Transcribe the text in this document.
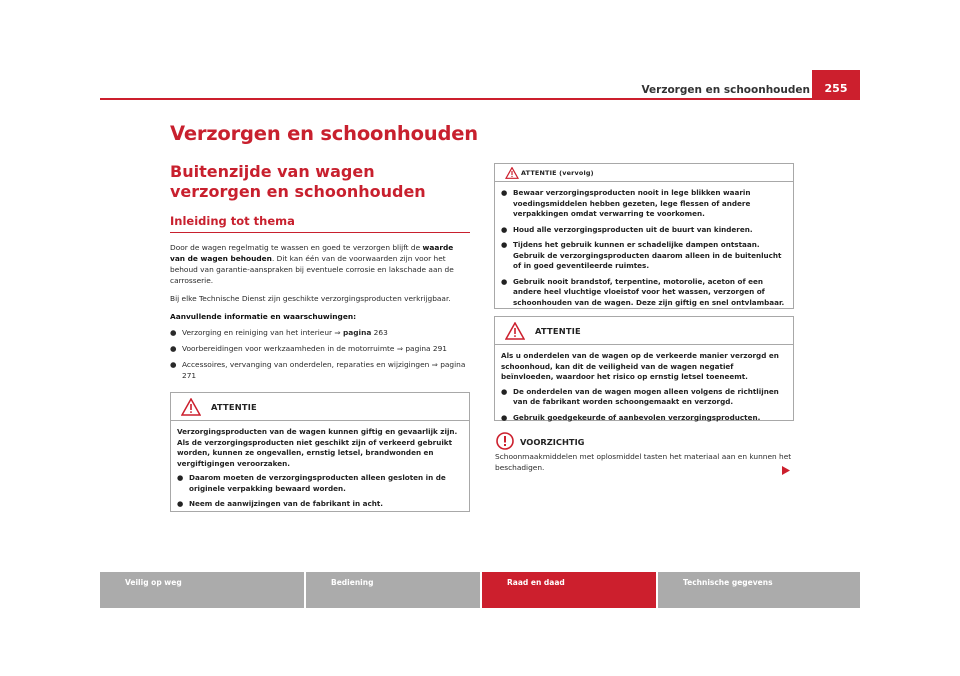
Verzorgen en schoonhouden	255
Verzorgen en schoonhouden
Buitenzijde van wagen verzorgen en schoonhouden
Inleiding tot thema

Door de wagen regelmatig te wassen en goed te verzorgen blijft de waarde van de wagen behouden. Dit kan één van de voorwaarden zijn voor het behoud van garantie-aanspraken bij eventuele corrosie en lakschade aan de carrosserie.

Bij elke Technische Dienst zijn geschikte verzorgingsproducten verkrijgbaar.

Aanvullende informatie en waarschuwingen:

● Verzorging en reiniging van het interieur ⇒ pagina 263
● Voorbereidingen voor werkzaamheden in de motorruimte ⇒ pagina 291
● Accessoires, vervanging van onderdelen, reparaties en wijzigingen ⇒ pagina 271
ATTENTIE

Verzorgingsproducten van de wagen kunnen giftig en gevaarlijk zijn. Als de verzorgingsproducten niet geschikt zijn of verkeerd gebruikt worden, kunnen ze ongevallen, ernstig letsel, brandwonden en vergiftigingen veroorzaken.

● Daarom moeten de verzorgingsproducten alleen gesloten in de originele verpakking bewaard worden.
● Neem de aanwijzingen van de fabrikant in acht.
ATTENTIE (vervolg)
● Bewaar verzorgingsproducten nooit in lege blikken waarin voedingsmiddelen hebben gezeten, lege flessen of andere verpakkingen omdat verwarring te voorkomen.
● Houd alle verzorgingsproducten uit de buurt van kinderen.
● Tijdens het gebruik kunnen er schadelijke dampen ontstaan. Gebruik de verzorgingsproducten daarom alleen in de buitenlucht of in goed geventileerde ruimtes.
● Gebruik nooit brandstof, terpentine, motorolie, aceton of een andere heel vluchtige vloeistof voor het wassen, verzorgen of schoonhouden van de wagen. Deze zijn giftig en snel ontvlambaar.
ATTENTIE

Als u onderdelen van de wagen op de verkeerde manier verzorgd en schoonhoud, kan dit de veiligheid van de wagen negatief beïnvloeden, waardoor het risico op ernstig letsel toeneemt.

● De onderdelen van de wagen mogen alleen volgens de richtlijnen van de fabrikant worden schoongemaakt en verzorgd.
● Gebruik goedgekeurde of aanbevolen verzorgingsproducten.
VOORZICHTIG
Schoonmaakmiddelen met oplosmiddel tasten het materiaal aan en kunnen het beschadigen.
Veilig op weg	Bediening	Raad en daad	Technische gegevens
